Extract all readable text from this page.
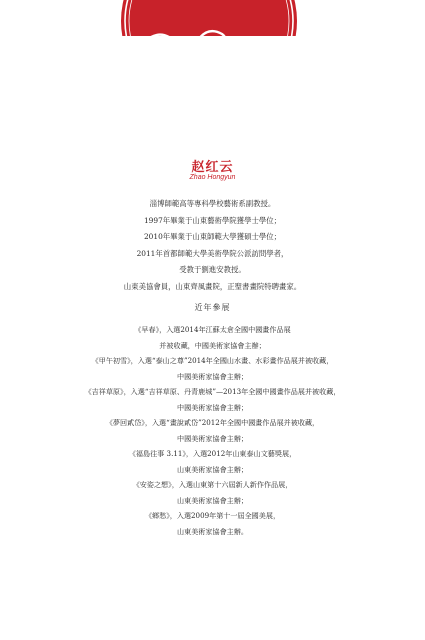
赵红云
Zhao Hongyun
淄博師範高等專科學校藝術系副教授。
1997年畢業于山東藝術學院獲學士學位；
2010年畢業于山東師範大學獲碩士學位；
2011年首都師範大學美術學院公派訪問學者，
受教于劉進安教授。
山東美協會員，山東齊風畫院，正聖書畫院特聘畫家。
近年參展
《早春》，入選2014年江蘇太倉全國中國畫作品展
并被收藏，中國美術家協會主辦；
《甲午初雪》，入選“泰山之尊”2014年全國山水畫、水彩畫作品展并被收藏，
中國美術家協會主辦；
《吉祥草原》，入選“吉祥草原、丹青鹿城”—2013年全國中國畫作品展并被收藏，
中國美術家協會主辦；
《夢回貳岱》，入選“畫說貳岱”2012年全國中國畫作品展并被收藏，
中國美術家協會主辦；
《福島往事 3.11》，入選2012年山東泰山文藝獎展，
山東美術家協會主辦；
《安姿之想》，入選山東第十六屆新人新作作品展，
山東美術家協會主辦；
《鄉愁》，入選2009年第十一屆全國美展，
山東美術家協會主辦。
